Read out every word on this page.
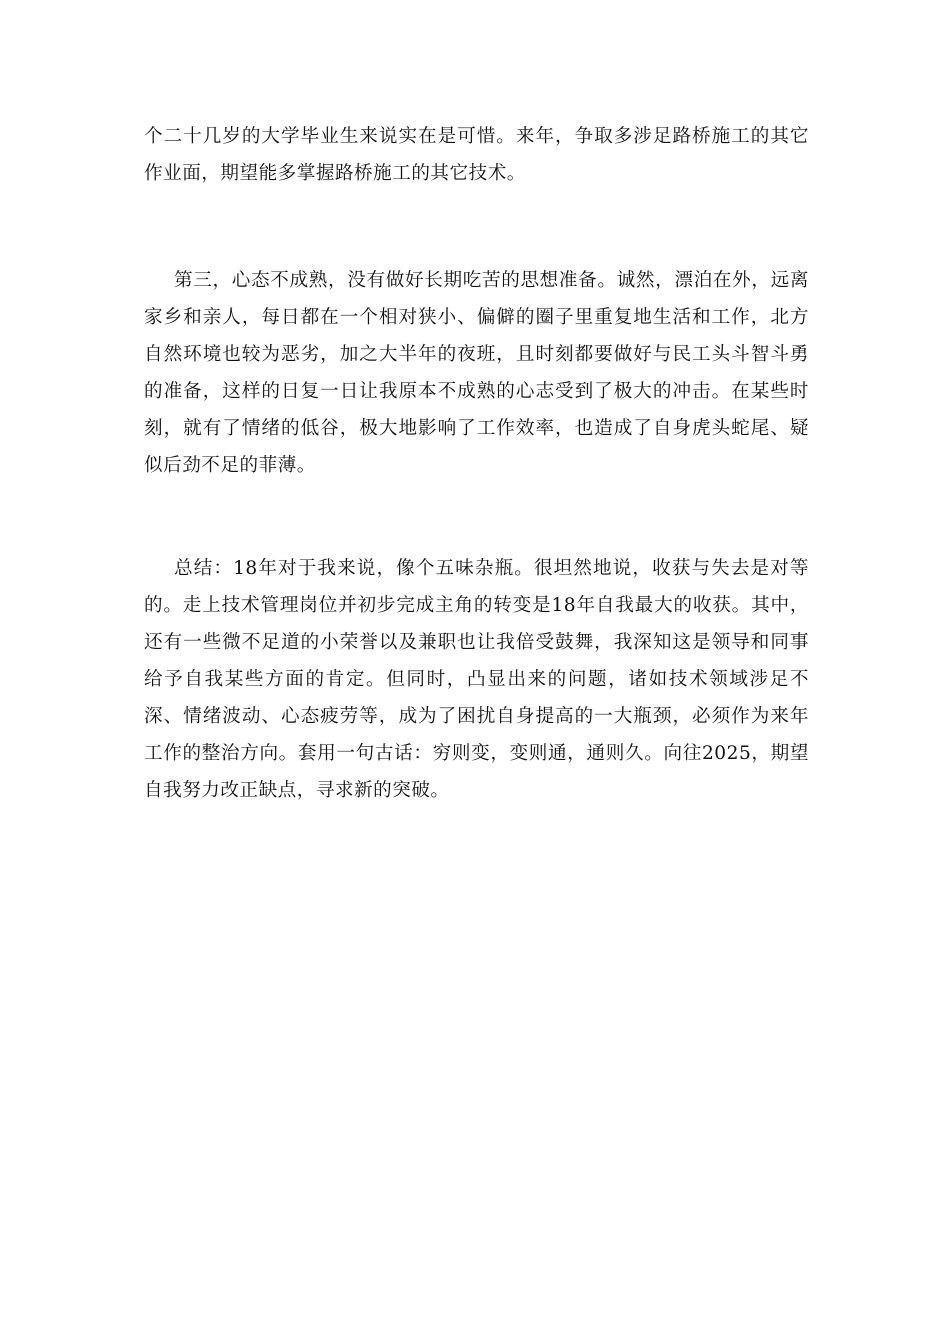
个二十几岁的大学毕业生来说实在是可惜。来年，争取多涉足路桥施工的其它作业面，期望能多掌握路桥施工的其它技术。

第三，心态不成熟，没有做好长期吃苦的思想准备。诚然，漂泊在外，远离家乡和亲人，每日都在一个相对狭小、偏僻的圈子里重复地生活和工作，北方自然环境也较为恶劣，加之大半年的夜班，且时刻都要做好与民工头斗智斗勇的准备，这样的日复一日让我原本不成熟的心志受到了极大的冲击。在某些时刻，就有了情绪的低谷，极大地影响了工作效率，也造成了自身虎头蛇尾、疑似后劲不足的菲薄。

总结：18年对于我来说，像个五味杂瓶。很坦然地说，收获与失去是对等的。走上技术管理岗位并初步完成主角的转变是18年自我最大的收获。其中，还有一些微不足道的小荣誉以及兼职也让我倍受鼓舞，我深知这是领导和同事给予自我某些方面的肯定。但同时，凸显出来的问题，诸如技术领域涉足不深、情绪波动、心态疲劳等，成为了困扰自身提高的一大瓶颈，必须作为来年工作的整治方向。套用一句古话：穷则变，变则通，通则久。向往2025，期望自我努力改正缺点，寻求新的突破。
